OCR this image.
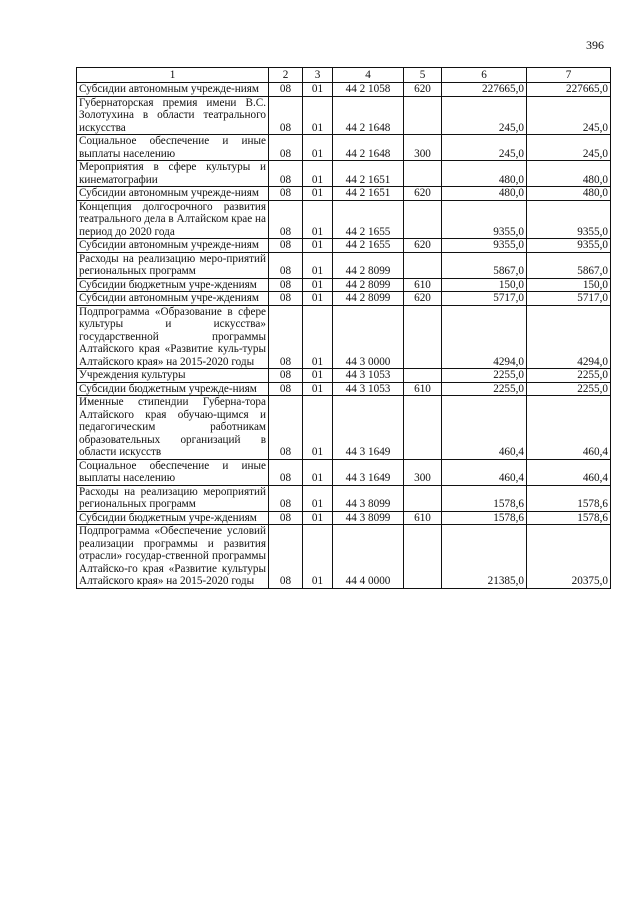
396
1	2	3	4	5	6	7
Субсидии автономным учрежде-ниям	08	01	44 2 1058	620	227665,0	227665,0
Губернаторская премия имени В.С. Золотухина в области театрального искусства	08	01	44 2 1648		245,0	245,0
Социальное обеспечение и иные выплаты населению	08	01	44 2 1648	300	245,0	245,0
Мероприятия в сфере культуры и кинематографии	08	01	44 2 1651		480,0	480,0
Субсидии автономным учрежде-ниям	08	01	44 2 1651	620	480,0	480,0
Концепция долгосрочного развития театрального дела в Алтайском крае на период до 2020 года	08	01	44 2 1655		9355,0	9355,0
Субсидии автономным учрежде-ниям	08	01	44 2 1655	620	9355,0	9355,0
Расходы на реализацию меро-приятий региональных программ	08	01	44 2 8099		5867,0	5867,0
Субсидии бюджетным учре-ждениям	08	01	44 2 8099	610	150,0	150,0
Субсидии автономным учре-ждениям	08	01	44 2 8099	620	5717,0	5717,0
Подпрограмма «Образование в сфере культуры и искусства» государственной программы Алтайского края «Развитие куль-туры Алтайского края» на 2015-2020 годы	08	01	44 3 0000		4294,0	4294,0
Учреждения культуры	08	01	44 3 1053		2255,0	2255,0
Субсидии бюджетным учрежде-ниям	08	01	44 3 1053	610	2255,0	2255,0
Именные стипендии Губерна-тора Алтайского края обучаю-щимся и педагогическим работникам образовательных организаций в области искусств	08	01	44 3 1649		460,4	460,4
Социальное обеспечение и иные выплаты населению	08	01	44 3 1649	300	460,4	460,4
Расходы на реализацию мероприятий региональных программ	08	01	44 3 8099		1578,6	1578,6
Субсидии бюджетным учре-ждениям	08	01	44 3 8099	610	1578,6	1578,6
Подпрограмма «Обеспечение условий реализации программы и развития отрасли» государ-ственной программы Алтайско-го края «Развитие культуры Алтайского края» на 2015-2020 годы	08	01	44 4 0000		21385,0	20375,0
